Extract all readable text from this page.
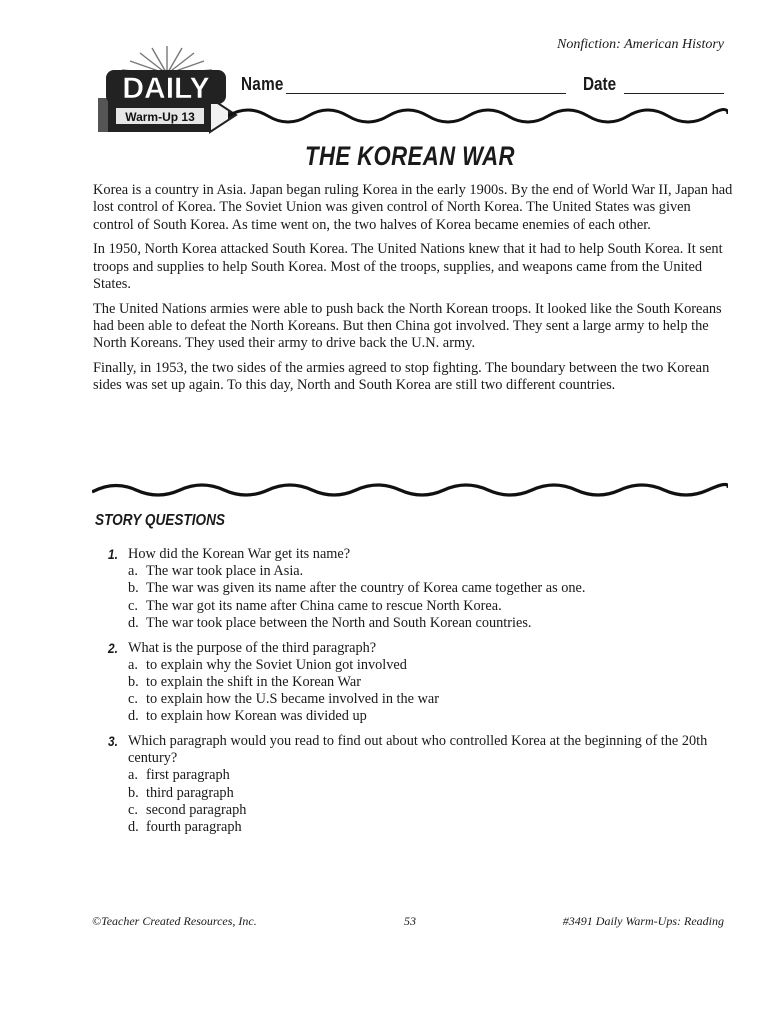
Nonfiction: American History
DAILY
Warm-Up 13
Name	Date
THE KOREAN WAR

Korea is a country in Asia. Japan began ruling Korea in the early 1900s. By the end of World War II, Japan had lost control of Korea. The Soviet Union was given control of North Korea. The United States was given control of South Korea. As time went on, the two halves of Korea became enemies of each other.

In 1950, North Korea attacked South Korea. The United Nations knew that it had to help South Korea. It sent troops and supplies to help South Korea. Most of the troops, supplies, and weapons came from the United States.

The United Nations armies were able to push back the North Korean troops. It looked like the South Koreans had been able to defeat the North Koreans. But then China got involved. They sent a large army to help the North Koreans. They used their army to drive back the U.N. army.

Finally, in 1953, the two sides of the armies agreed to stop fighting. The boundary between the two Korean sides was set up again. To this day, North and South Korea are still two different countries.

STORY QUESTIONS
1. How did the Korean War get its name?
a. The war took place in Asia.
b. The war was given its name after the country of Korea came together as one.
c. The war got its name after China came to rescue North Korea.
d. The war took place between the North and South Korean countries.
2. What is the purpose of the third paragraph?
a. to explain why the Soviet Union got involved
b. to explain the shift in the Korean War
c. to explain how the U.S became involved in the war
d. to explain how Korean was divided up
3. Which paragraph would you read to find out about who controlled Korea at the beginning of the 20th century?
a. first paragraph
b. third paragraph
c. second paragraph
d. fourth paragraph
©Teacher Created Resources, Inc.	53	#3491 Daily Warm-Ups: Reading
